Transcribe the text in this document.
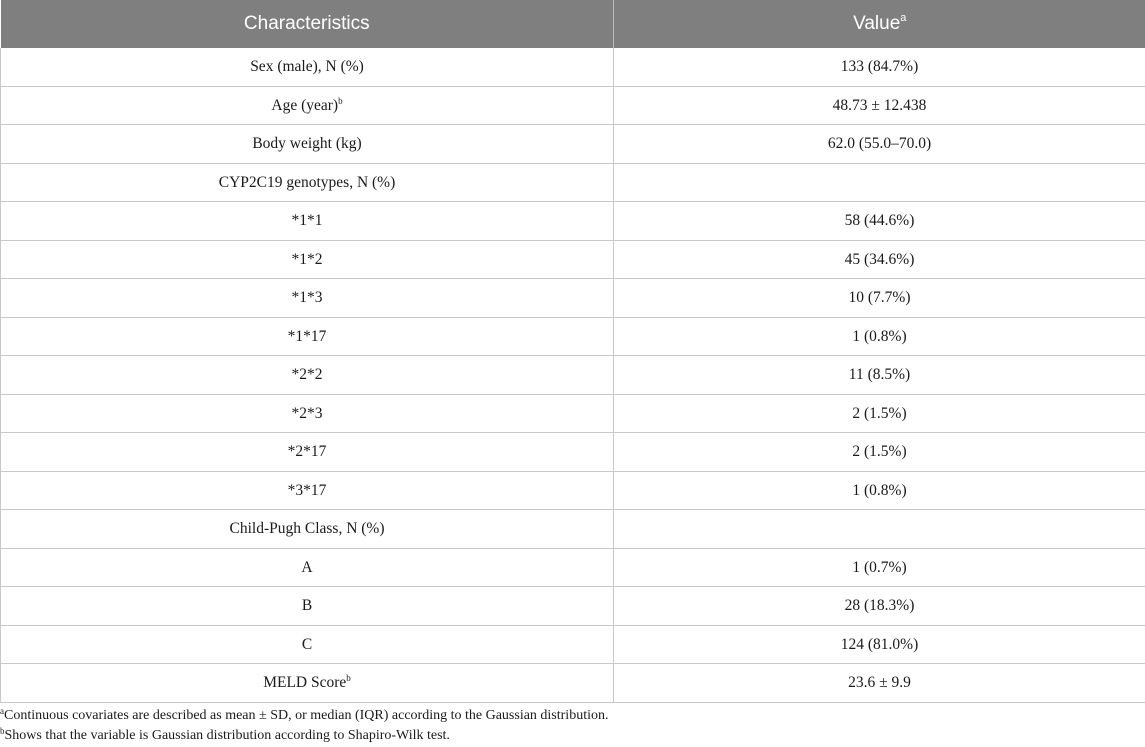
Characteristics	Value$^a$
Sex (male), N (%)	133 (84.7%)
Age (year)$^b$	48.73 ± 12.438
Body weight (kg)	62.0 (55.0–70.0)
CYP2C19 genotypes, N (%)	
*1*1	58 (44.6%)
*1*2	45 (34.6%)
*1*3	10 (7.7%)
*1*17	1 (0.8%)
*2*2	11 (8.5%)
*2*3	2 (1.5%)
*2*17	2 (1.5%)
*3*17	1 (0.8%)
Child-Pugh Class, N (%)	
A	1 (0.7%)
B	28 (18.3%)
C	124 (81.0%)
MELD Score$^b$	23.6 ± 9.9
$^a$Continuous covariates are described as mean ± SD, or median (IQR) according to the Gaussian distribution.
$^b$Shows that the variable is Gaussian distribution according to Shapiro-Wilk test.
